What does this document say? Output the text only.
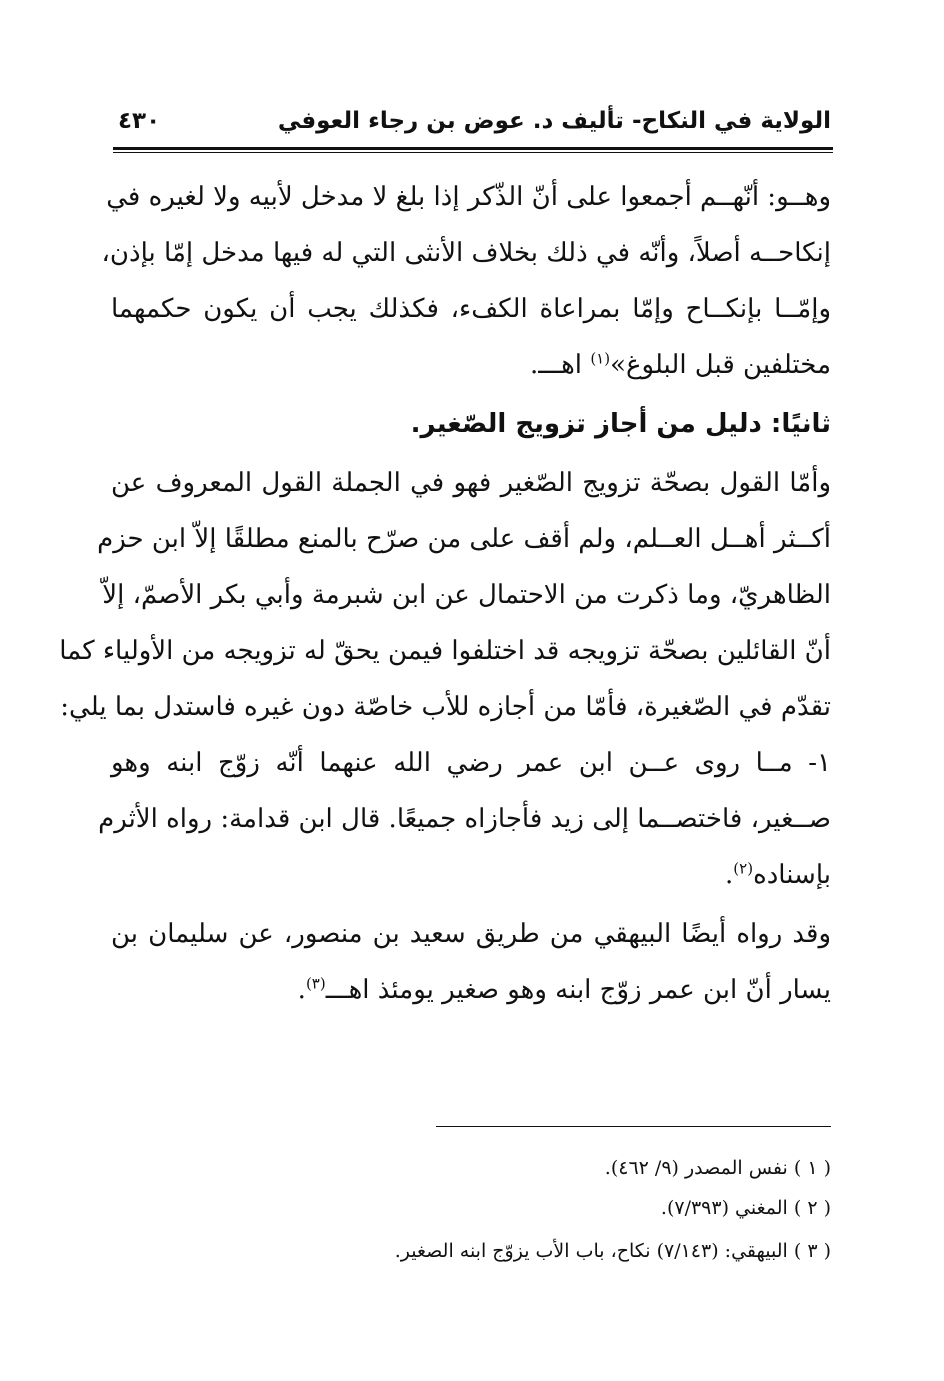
الولاية في النكاح- تأليف د. عوض بن رجاء العوفي
٤٣٠
وهــو: أنّهــم أجمعوا على أنّ الذّكر إذا بلغ لا مدخل لأبيه ولا لغيره في
إنكاحــه أصلاً، وأنّه في ذلك بخلاف الأنثى التي له فيها مدخل إمّا بإذن،
وإمّــا بإنكــاح وإمّا بمراعاة الكفء، فكذلك يجب أن يكون حكمهما
مختلفين قبل البلوغ»$^{(١)}$ اهـــ.
ثانيًا: دليل من أجاز تزويج الصّغير.
وأمّا القول بصحّة تزويج الصّغير فهو في الجملة القول المعروف عن
أكــثر أهــل العــلم، ولم أقف على من صرّح بالمنع مطلقًا إلاّ ابن حزم
الظاهريّ، وما ذكرت من الاحتمال عن ابن شبرمة وأبي بكر الأصمّ، إلاّ
أنّ القائلين بصحّة تزويجه قد اختلفوا فيمن يحقّ له تزويجه من الأولياء كما
تقدّم في الصّغيرة، فأمّا من أجازه للأب خاصّة دون غيره فاستدل بما يلي:
١- مــا روى عــن ابن عمر رضي الله عنهما أنّه زوّج ابنه وهو
صــغير، فاختصــما إلى زيد فأجازاه جميعًا. قال ابن قدامة: رواه الأثرم
بإسناده$^{(٢)}$.
وقد رواه أيضًا البيهقي من طريق سعيد بن منصور، عن سليمان بن
يسار أنّ ابن عمر زوّج ابنه وهو صغير يومئذ اهـــ$^{(٣)}$.
( ١ ) نفس المصدر (٩/ ٤٦٢).
( ٢ ) المغني (٧/٣٩٣).
( ٣ ) البيهقي: (٧/١٤٣) نكاح، باب الأب يزوّج ابنه الصغير.
